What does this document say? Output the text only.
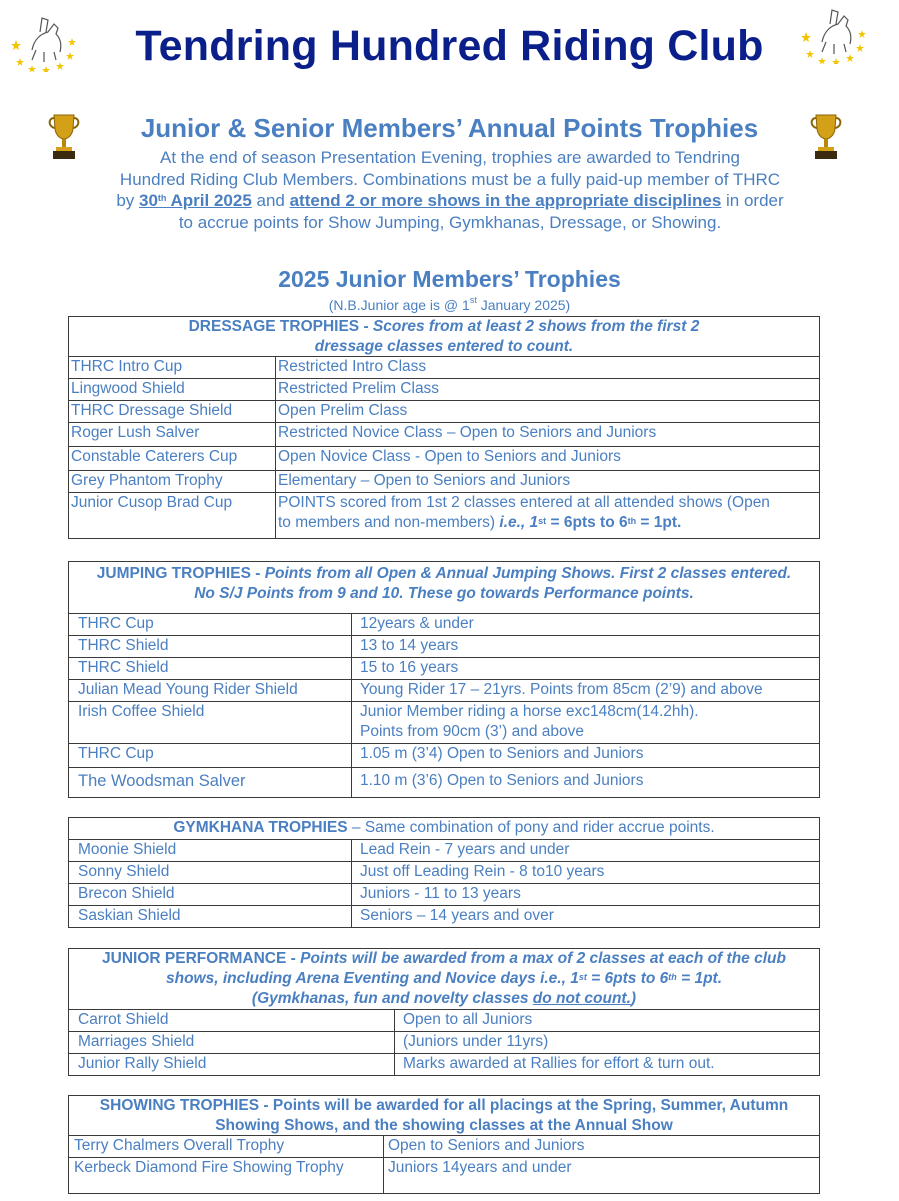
Tendring Hundred Riding Club
Junior & Senior Members’ Annual Points Trophies
At the end of season Presentation Evening, trophies are awarded to Tendring
Hundred Riding Club Members. Combinations must be a fully paid-up member of THRC
by 30th April 2025 and attend 2 or more shows in the appropriate disciplines in order
to accrue points for Show Jumping, Gymkhanas, Dressage, or Showing.
2025 Junior Members’ Trophies
(N.B.Junior age is @ 1st January 2025)
DRESSAGE TROPHIES - Scores from at least 2 shows from the first 2 dressage classes entered to count.	
THRC Intro Cup	Restricted Intro Class
Lingwood Shield	Restricted Prelim Class
THRC Dressage Shield	Open Prelim Class
Roger Lush Salver	Restricted Novice Class – Open to Seniors and Juniors
Constable Caterers Cup	Open Novice Class - Open to Seniors and Juniors
Grey Phantom Trophy	Elementary – Open to Seniors and Juniors
Junior Cusop Brad Cup	POINTS scored from 1st 2 classes entered at all attended shows (Open
to members and non-members) i.e., 1st = 6pts to 6th = 1pt.
JUMPING TROPHIES - Points from all Open & Annual Jumping Shows. First 2 classes entered. No S/J Points from 9 and 10. These go towards Performance points.	
THRC Cup	12years & under
THRC Shield	13 to 14 years
THRC Shield	15 to 16 years
Julian Mead Young Rider Shield	Young Rider 17 – 21yrs. Points from 85cm (2’9) and above
Irish Coffee Shield	Junior Member riding a horse exc148cm(14.2hh).
Points from 90cm (3’) and above

THRC Cup	1.05 m (3’4) Open to Seniors and Juniors
The Woodsman Salver	1.10 m (3’6) Open to Seniors and Juniors
GYMKHANA TROPHIES – Same combination of pony and rider accrue points.	
Moonie Shield	Lead Rein - 7 years and under
Sonny Shield	Just off Leading Rein - 8 to10 years
Brecon Shield	Juniors - 11 to 13 years
Saskian Shield	Seniors – 14 years and over
JUNIOR PERFORMANCE - Points will be awarded from a max of 2 classes at each of the club shows, including Arena Eventing and Novice days i.e., 1st = 6pts to 6th = 1pt.
(Gymkhanas, fun and novelty classes do not count.)	
Carrot Shield	Open to all Juniors
Marriages Shield	(Juniors under 11yrs)
Junior Rally Shield	Marks awarded at Rallies for effort & turn out.
SHOWING TROPHIES - Points will be awarded for all placings at the Spring, Summer, Autumn Showing Shows, and the showing classes at the Annual Show	
Terry Chalmers Overall Trophy	Open to Seniors and Juniors
Kerbeck Diamond Fire Showing Trophy	Juniors 14years and under
